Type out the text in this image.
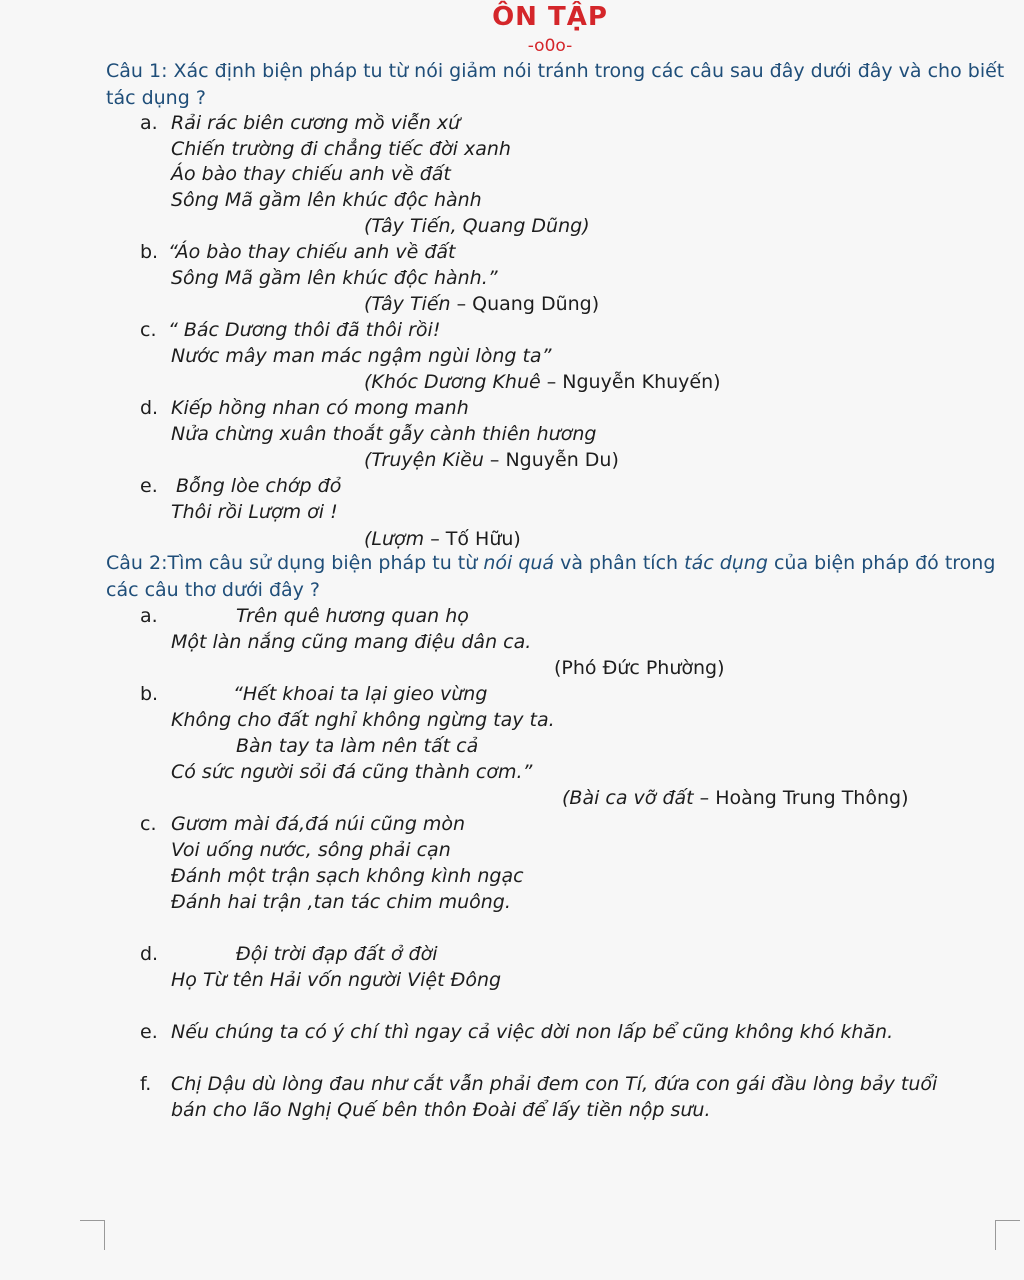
ÔN TẬP
-o0o-
Câu 1: Xác định biện pháp tu từ nói giảm nói tránh trong các câu sau đây dưới đây và cho biết tác dụng ?
a. Rải rác biên cương mồ viễn xứ
Chiến trường đi chẳng tiếc đời xanh
Áo bào thay chiếu anh về đất
Sông Mã gầm lên khúc độc hành
(Tây Tiến, Quang Dũng)
b. “Áo bào thay chiếu anh về đất
Sông Mã gầm lên khúc độc hành.”
(Tây Tiến – Quang Dũng)
c. “ Bác Dương thôi đã thôi rồi!
Nước mây man mác ngậm ngùi lòng ta”
(Khóc Dương Khuê – Nguyễn Khuyến)
d. Kiếp hồng nhan có mong manh
Nửa chừng xuân thoắt gẫy cành thiên hương
(Truyện Kiều – Nguyễn Du)
e. Bỗng lòe chớp đỏ
Thôi rồi Lượm ơi !
(Lượm – Tố Hữu)
Câu 2:Tìm câu sử dụng biện pháp tu từ nói quá và phân tích tác dụng của biện pháp đó trong các câu thơ dưới đây ?
a.	Trên quê hương quan họ
Một làn nắng cũng mang điệu dân ca.
(Phó Đức Phường)
b.	“Hết khoai ta lại gieo vừng
Không cho đất nghỉ không ngừng tay ta.
Bàn tay ta làm nên tất cả
Có sức người sỏi đá cũng thành cơm.”
(Bài ca vỡ đất – Hoàng Trung Thông)
c. Gươm mài đá,đá núi cũng mòn
Voi uống nước, sông phải cạn
Đánh một trận sạch không kình ngạc
Đánh hai trận ,tan tác chim muông.
d.	Đội trời đạp đất ở đời
Họ Từ tên Hải vốn người Việt Đông
e. Nếu chúng ta có ý chí thì ngay cả việc dời non lấp bể cũng không khó khăn.
f. Chị Dậu dù lòng đau như cắt vẫn phải đem con Tí, đứa con gái đầu lòng bảy tuổi
bán cho lão Nghị Quế bên thôn Đoài để lấy tiền nộp sưu.
